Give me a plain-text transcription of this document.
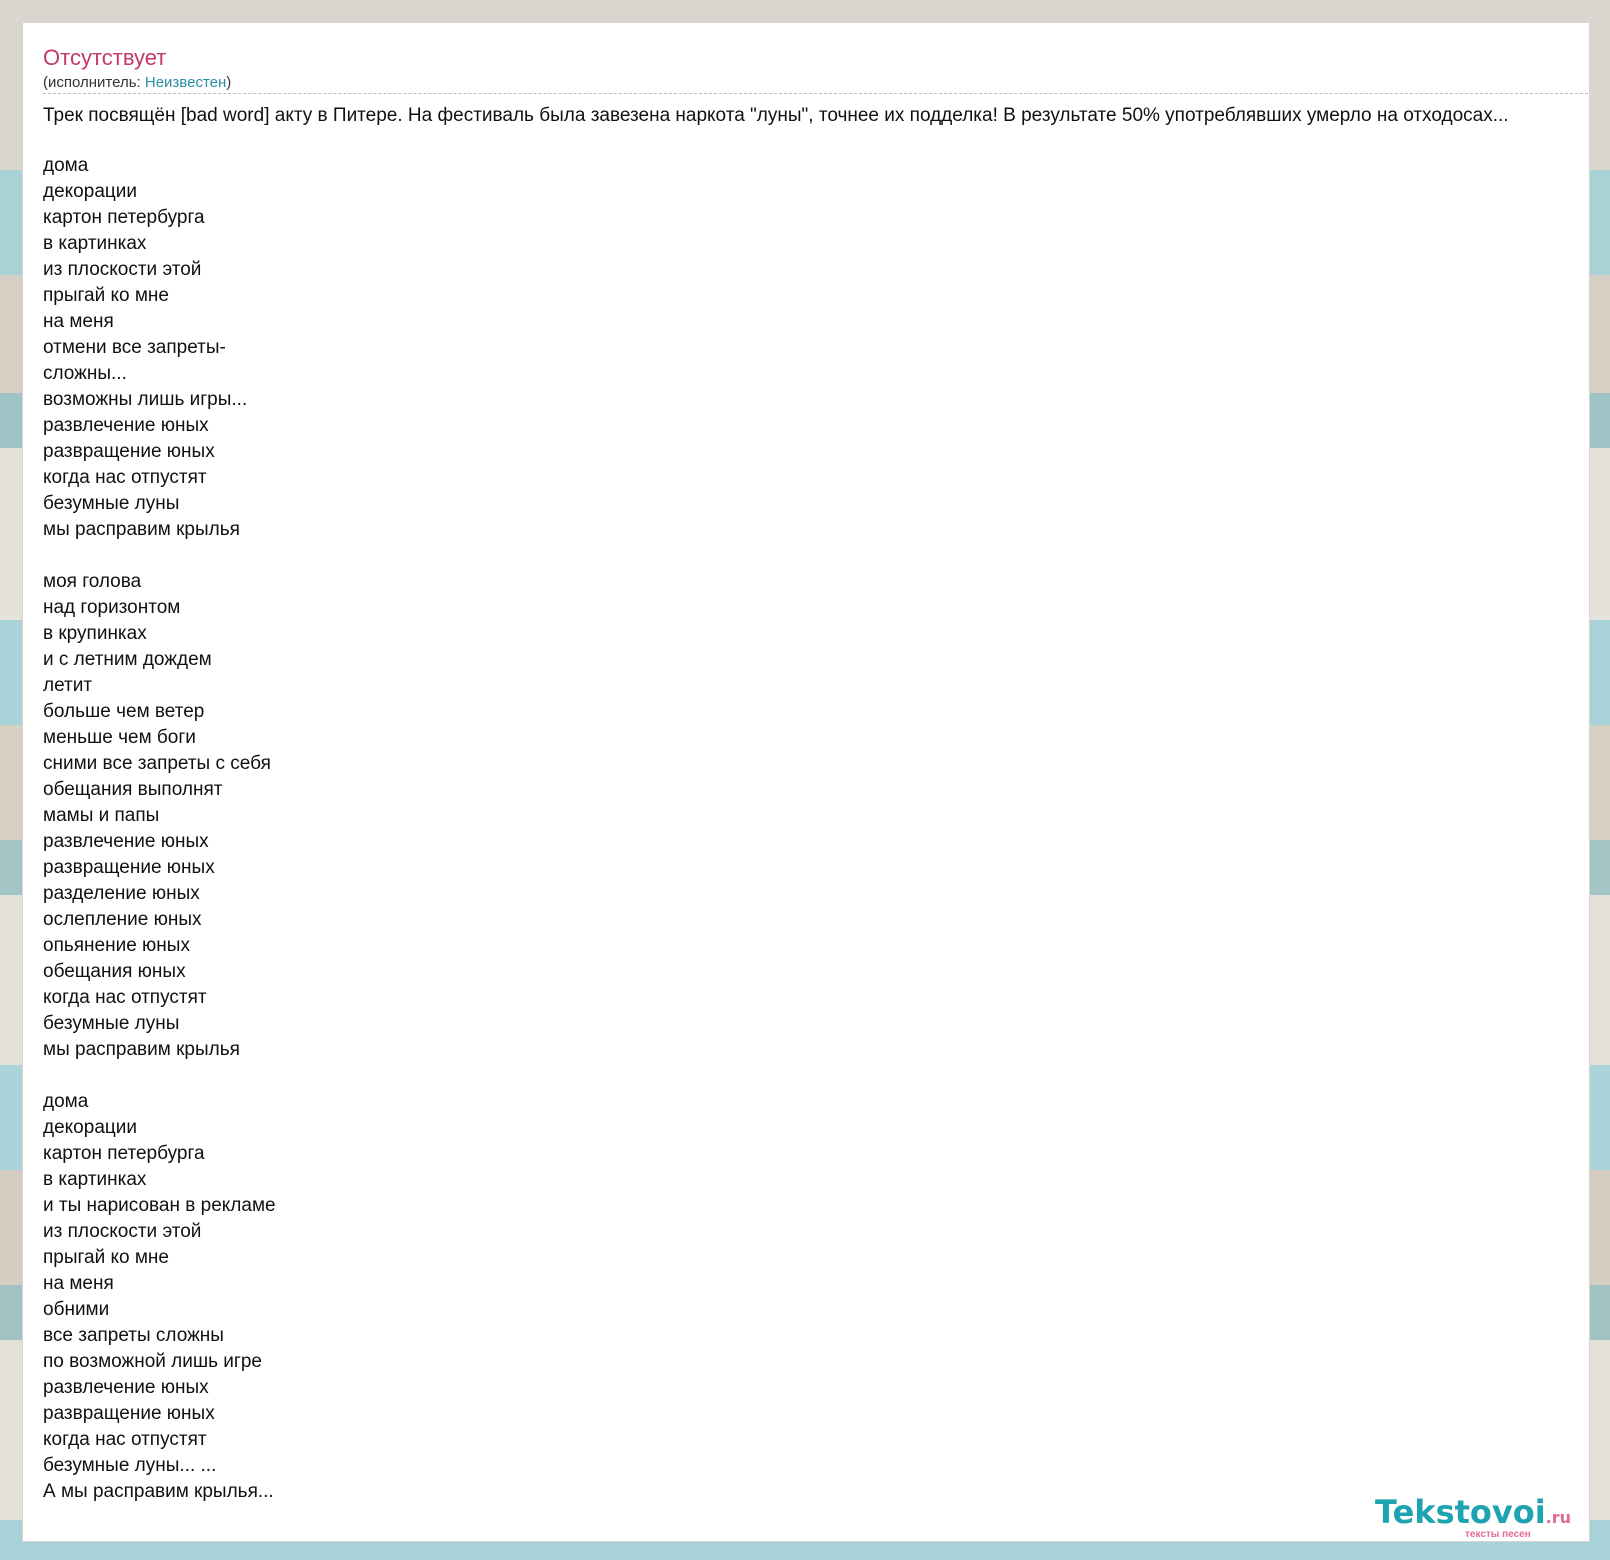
Отсутствует
(исполнитель: Неизвестен)
Трек посвящён [bad word] акту в Питере. На фестиваль была завезена наркота "луны", точнее их подделка! В результате 50% употреблявших умерло на отходосах...
дома
декорации
картон петербурга
в картинках
из плоскости этой
прыгай ко мне
на меня
отмени все запреты-
сложны...
возможны лишь игры...
развлечение юных
развращение юных
когда нас отпустят
безумные луны
мы расправим крылья
моя голова
над горизонтом
в крупинках
и с летним дождем
летит
больше чем ветер
меньше чем боги
сними все запреты с себя
обещания выполнят
мамы и папы
развлечение юных
развращение юных
разделение юных
ослепление юных
опьянение юных
обещания юных
когда нас отпустят
безумные луны
мы расправим крылья
дома
декорации
картон петербурга
в картинках
и ты нарисован в рекламе
из плоскости этой
прыгай ко мне
на меня
обними
все запреты сложны
по возможной лишь игре
развлечение юных
развращение юных
когда нас отпустят
безумные луны... ...
А мы расправим крылья...
Tekstovoi.ru
тексты песен
